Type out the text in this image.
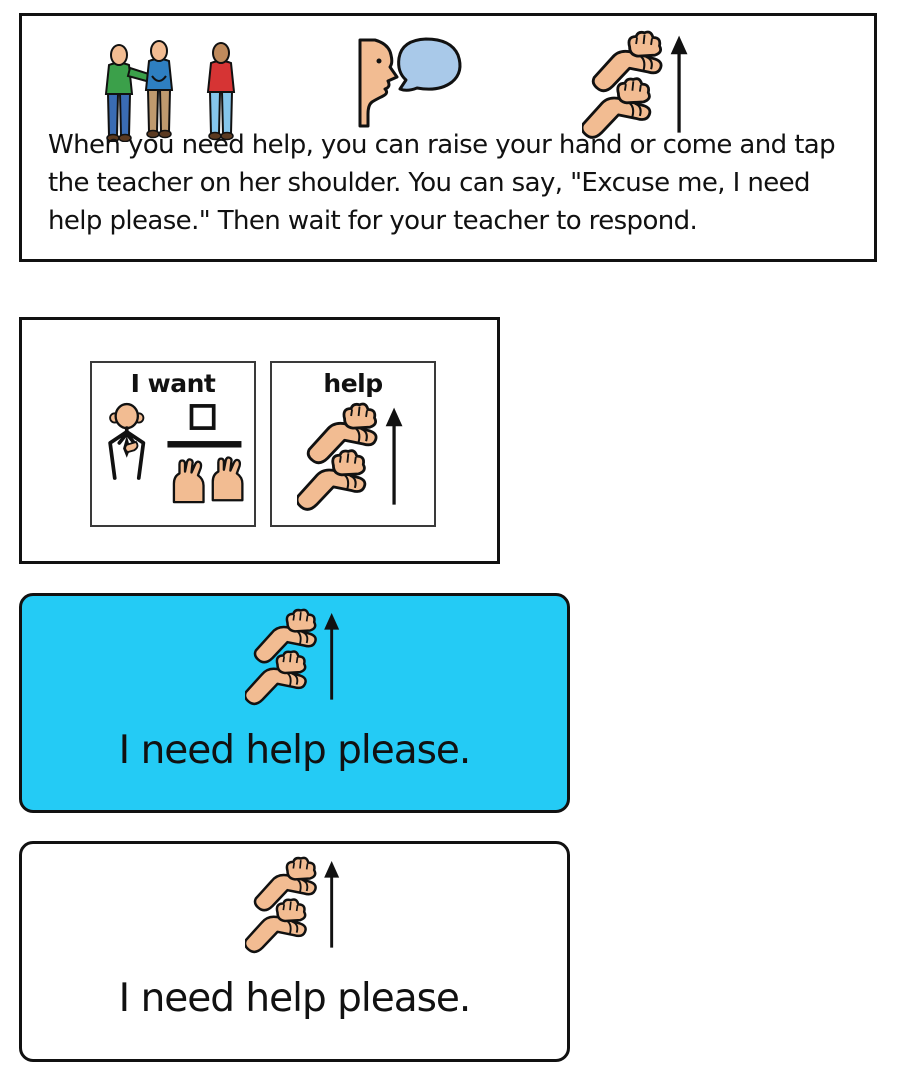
When you need help, you can raise your hand or come and tap
the teacher on her shoulder. You can say, "Excuse me, I need
help please." Then wait for your teacher to respond.
I want	help
I need help please.
I need help please.
